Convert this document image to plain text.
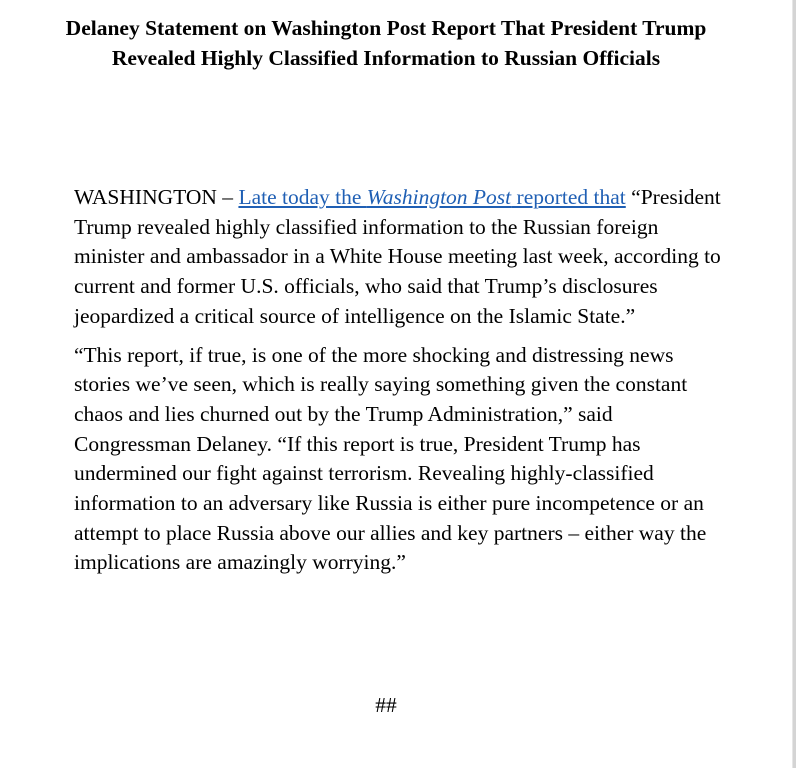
Delaney Statement on Washington Post Report That President Trump Revealed Highly Classified Information to Russian Officials

WASHINGTON – Late today the Washington Post reported that “President Trump revealed highly classified information to the Russian foreign minister and ambassador in a White House meeting last week, according to current and former U.S. officials, who said that Trump’s disclosures jeopardized a critical source of intelligence on the Islamic State.”

“This report, if true, is one of the more shocking and distressing news stories we’ve seen, which is really saying something given the constant chaos and lies churned out by the Trump Administration,” said Congressman Delaney. “If this report is true, President Trump has undermined our fight against terrorism. Revealing highly-classified information to an adversary like Russia is either pure incompetence or an attempt to place Russia above our allies and key partners – either way the implications are amazingly worrying.”

##
